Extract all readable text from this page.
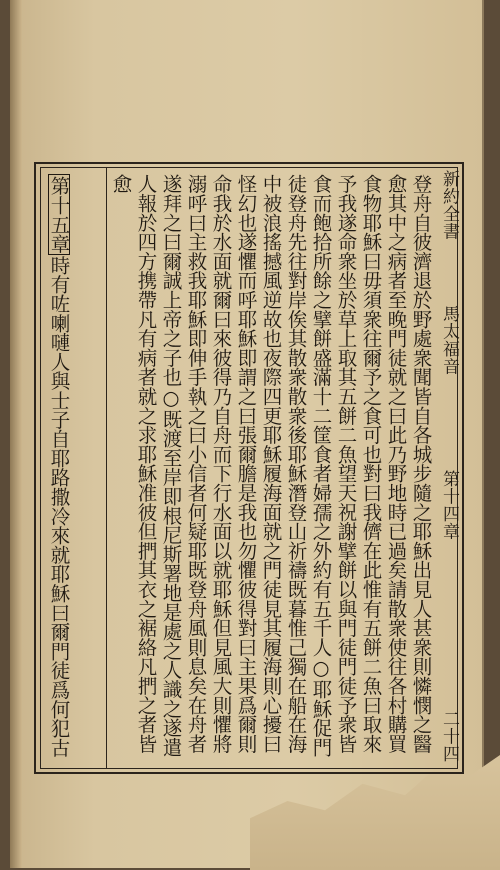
新約全書
馬太福音
第十四章
二十四
登舟自彼濟退於野處衆聞皆自各城步隨之耶穌出見人甚衆則憐憫之醫
愈其中之病者至晚門徒就之曰此乃野地時已過矣請散衆使往各村購買
食物耶穌曰毋須衆往爾予之食可也對曰我儕在此惟有五餅二魚曰取來
予我遂命衆坐於草上取其五餅二魚望天祝謝擘餅以與門徒門徒予衆皆
食而飽拾所餘之擘餅盛滿十二筐食者婦孺之外約有五千人○耶穌促門
徒登舟先往對岸俟其散衆散衆後耶穌潛登山祈禱既暮惟己獨在船在海
中被浪搖撼風逆故也夜際四更耶穌履海面就之門徒見其履海則心擾曰
怪幻也遂懼而呼耶穌即謂之曰張爾膽是我也勿懼彼得對曰主果爲爾則
命我於水面就爾曰來彼得乃自舟而下行水面以就耶穌但見風大則懼將
溺呼曰主救我耶穌即伸手執之曰小信者何疑耶既登舟風則息矣在舟者
遂拜之曰爾誠上帝之子也○既渡至岸即根尼斯署地是處之人識之遂遣
人報於四方携帶凡有病者就之求耶穌准彼但捫其衣之裾絡凡捫之者皆
愈
第十五章時有咗喇嗹人與士子自耶路撒冷來就耶穌曰爾門徒爲何犯古
